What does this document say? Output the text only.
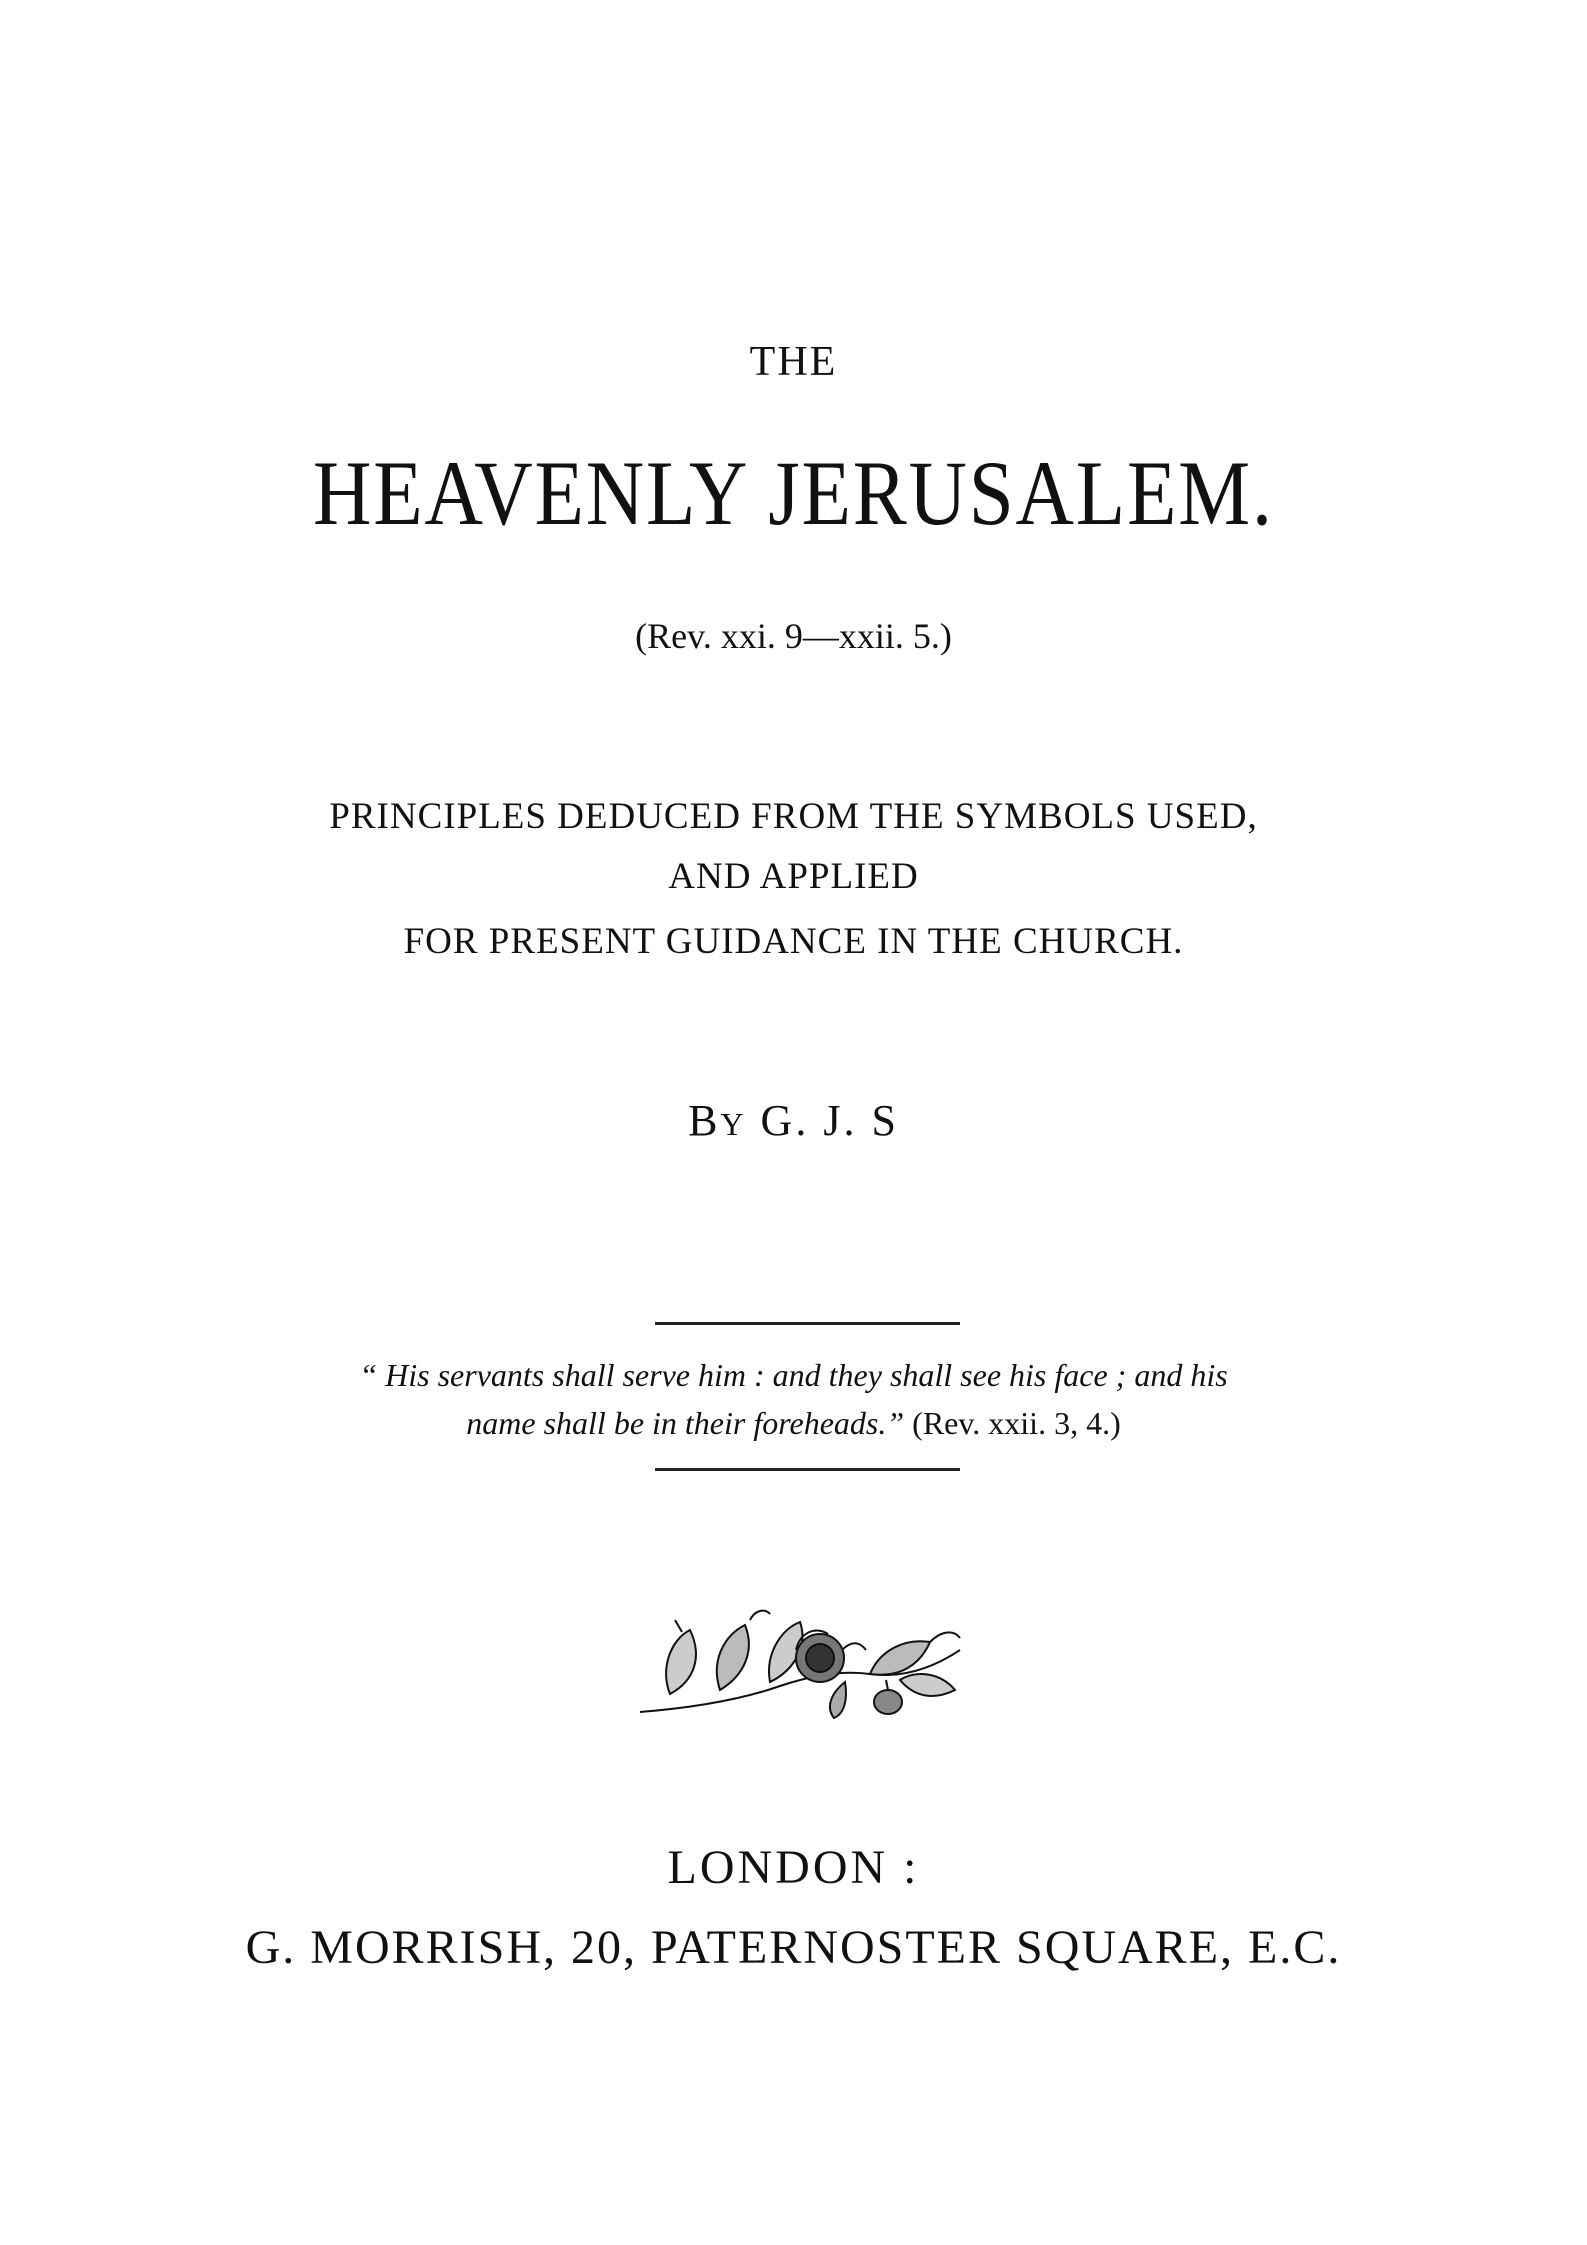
THE
HEAVENLY JERUSALEM.
(Rev. xxi. 9—xxii. 5.)
PRINCIPLES DEDUCED FROM THE SYMBOLS USED,
AND APPLIED
FOR PRESENT GUIDANCE IN THE CHURCH.
BY G. J. S
“ His servants shall serve him : and they shall see his face ; and his
name shall be in their foreheads.” (Rev. xxii. 3, 4.)
LONDON :
G. MORRISH, 20, PATERNOSTER SQUARE, E.C.
